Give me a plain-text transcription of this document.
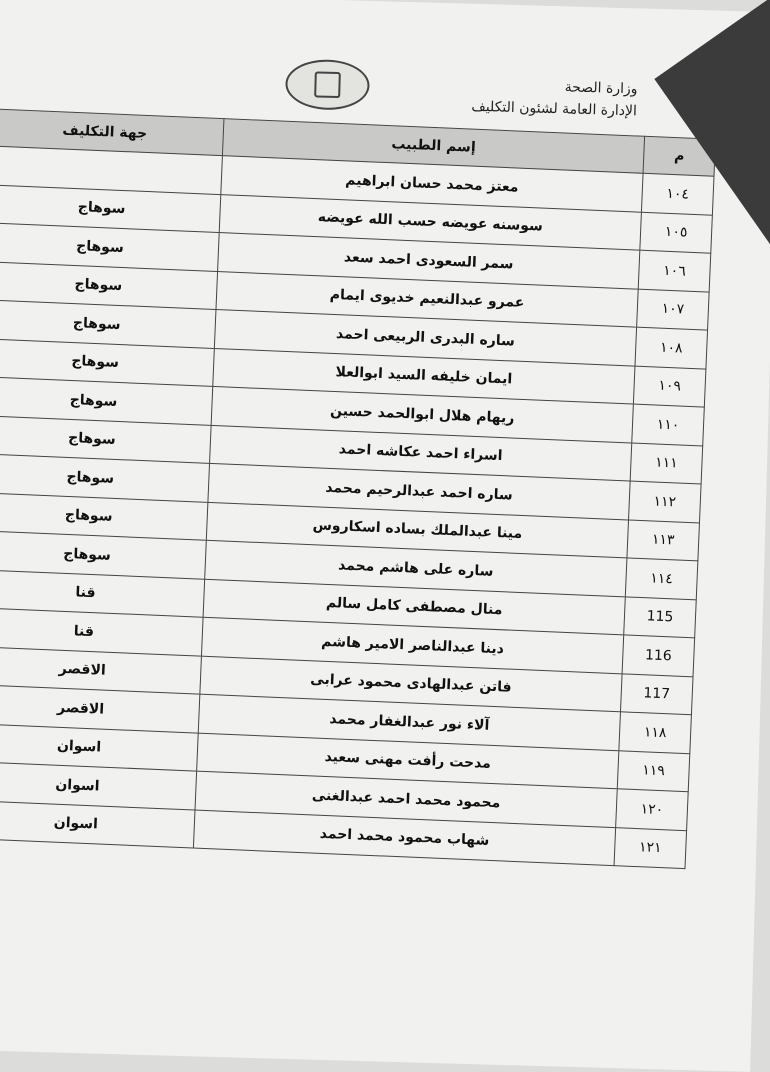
وزارة الصحة
الإدارة العامة لشئون التكليف
م	إسم الطبيب	جهة التكليف
١٠٤	معتز محمد حسان ابراهيم	
١٠٥	سوسنه عويضه حسب الله عويضه	سوهاج
١٠٦	سمر السعودى احمد سعد	سوهاج
١٠٧	عمرو عبدالنعيم خديوى ايمام	سوهاج
١٠٨	ساره البدرى الربيعى احمد	سوهاج
١٠٩	ايمان خليفه السيد ابوالعلا	سوهاج
١١٠	ريهام هلال ابوالحمد حسين	سوهاج
١١١	اسراء احمد عكاشه احمد	سوهاج
١١٢	ساره احمد عبدالرحيم محمد	سوهاج
١١٣	مينا عبدالملك بساده اسكاروس	سوهاج
١١٤	ساره على هاشم محمد	سوهاج
115	منال مصطفى كامل سالم	قنا
116	دينا عبدالناصر الامير هاشم	قنا
117	فاتن عبدالهادى محمود عرابى	الاقصر
١١٨	آلاء نور عبدالغفار محمد	الاقصر
١١٩	مدحت رأفت مهنى سعيد	اسوان
١٢٠	محمود محمد احمد عبدالغنى	اسوان
١٢١	شهاب محمود محمد احمد	اسوان
